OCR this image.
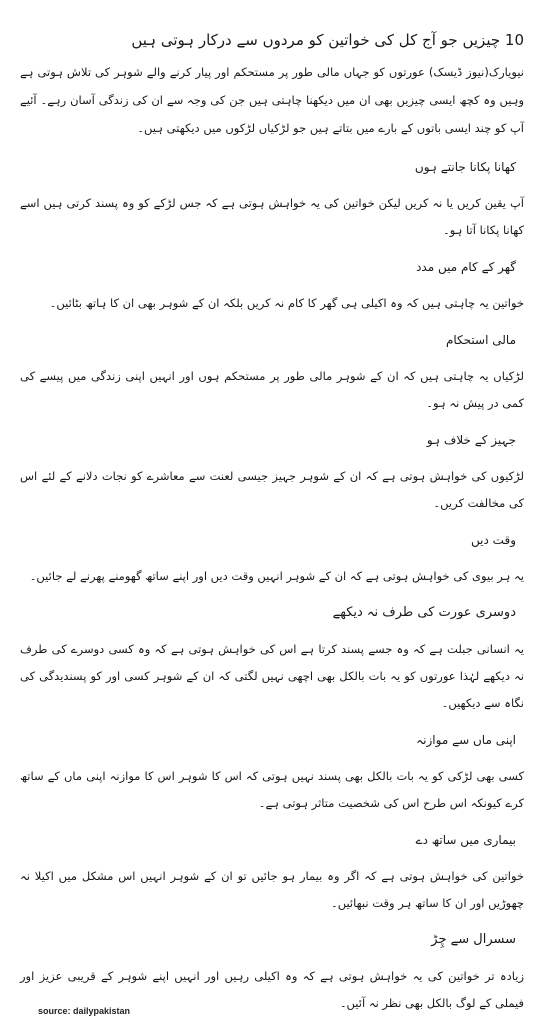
10 چیزیں جو آج کل کی خواتین کو مردوں سے درکار ہوتی ہیں
نیویارک(نیوز ڈیسک) عورتوں کو جہاں مالی طور پر مستحکم اور پیار کرنے والے شوہر کی تلاش ہوتی ہے وہیں وہ کچھ ایسی چیزیں بھی ان میں دیکھنا چاہتی ہیں جن کی وجہ سے ان کی زندگی آسان رہے۔ آئیے آپ کو چند ایسی باتوں کے بارے میں بتاتے ہیں جو لڑکیاں لڑکوں میں دیکھتی ہیں۔
کھانا پکانا جانتے ہوں
آپ یقین کریں یا نہ کریں لیکن خواتین کی یہ خواہش ہوتی ہے کہ جس لڑکے کو وہ پسند کرتی ہیں اسے کھانا پکانا آتا ہو۔
گھر کے کام میں مدد
خواتین یہ چاہتی ہیں کہ وہ اکیلی ہی گھر کا کام نہ کریں بلکہ ان کے شوہر بھی ان کا ہاتھ بٹائیں۔
مالی استحکام
لڑکیاں یہ چاہتی ہیں کہ ان کے شوہر مالی طور پر مستحکم ہوں اور انہیں اپنی زندگی میں پیسے کی کمی در پیش نہ ہو۔
جہیز کے خلاف ہو
لڑکیوں کی خواہش ہوتی ہے کہ ان کے شوہر جہیز جیسی لعنت سے معاشرے کو نجات دلانے کے لئے اس کی مخالفت کریں۔
وقت دیں
یہ ہر بیوی کی خواہش ہوتی ہے کہ ان کے شوہر انہیں وقت دیں اور اپنے ساتھ گھومنے پھرنے لے جائیں۔
دوسری عورت کی طرف نہ دیکھے
یہ انسانی جبلت ہے کہ وہ جسے پسند کرتا ہے اس کی خواہش ہوتی ہے کہ وہ کسی دوسرے کی طرف نہ دیکھے لہٰذا عورتوں کو یہ بات بالکل بھی اچھی نہیں لگتی کہ ان کے شوہر کسی اور کو پسندیدگی کی نگاہ سے دیکھیں۔
اپنی ماں سے موازنہ
کسی بھی لڑکی کو یہ بات بالکل بھی پسند نہیں ہوتی کہ اس کا شوہر اس کا موازنہ اپنی ماں کے ساتھ کرے کیونکہ اس طرح اس کی شخصیت متاثر ہوتی ہے۔
بیماری میں ساتھ دے
خواتین کی خواہش ہوتی ہے کہ اگر وہ بیمار ہو جائیں تو ان کے شوہر انہیں اس مشکل میں اکیلا نہ چھوڑیں اور ان کا ساتھ ہر وقت نبھائیں۔
سسرال سے چِڑ
زیادہ تر خواتین کی یہ خواہش ہوتی ہے کہ وہ اکیلی رہیں اور انہیں اپنے شوہر کے قریبی عزیز اور فیملی کے لوگ بالکل بھی نظر نہ آئیں۔
source: dailypakistan
